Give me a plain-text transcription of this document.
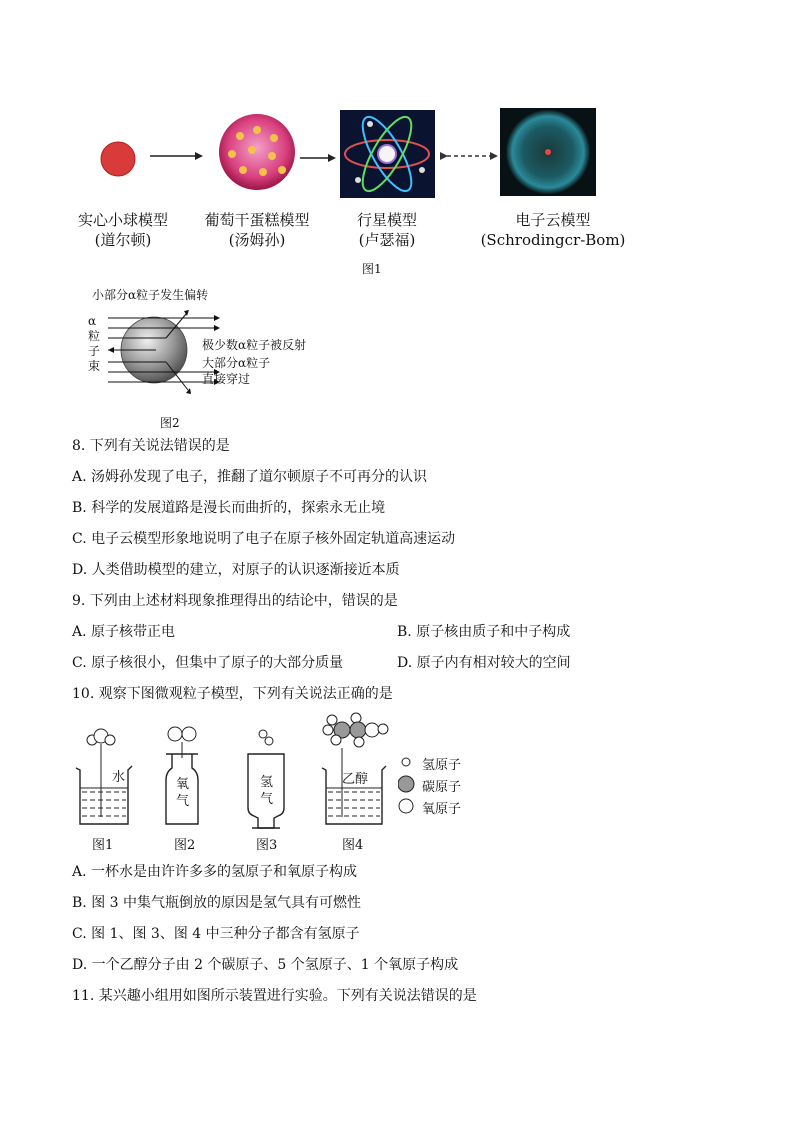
实心小球模型
(道尔顿)
葡萄干蛋糕模型
(汤姆孙)
行星模型
(卢瑟福)
电子云模型
(Schrodingcr-Bom)
图1
小部分α粒子发生偏转
α
粒
子
束
极少数α粒子被反射
大部分α粒子
直接穿过
图2
8. 下列有关说法错误的是
A. 汤姆孙发现了电子，推翻了道尔顿原子不可再分的认识
B. 科学的发展道路是漫长而曲折的，探索永无止境
C. 电子云模型形象地说明了电子在原子核外固定轨道高速运动
D. 人类借助模型的建立，对原子的认识逐渐接近本质
9. 下列由上述材料现象推理得出的结论中，错误的是
A. 原子核带正电	B. 原子核由质子和中子构成
C. 原子核很小，但集中了原子的大部分质量	D. 原子内有相对较大的空间
10. 观察下图微观粒子模型，下列有关说法正确的是
水	氧
气
氢
气
乙醇
图1	图2	图3	图4
氢原子
碳原子
氧原子
A. 一杯水是由许许多多的氢原子和氧原子构成
B. 图 3 中集气瓶倒放的原因是氢气具有可燃性
C. 图 1、图 3、图 4 中三种分子都含有氢原子
D. 一个乙醇分子由 2 个碳原子、5 个氢原子、1 个氧原子构成
11. 某兴趣小组用如图所示装置进行实验。下列有关说法错误的是
